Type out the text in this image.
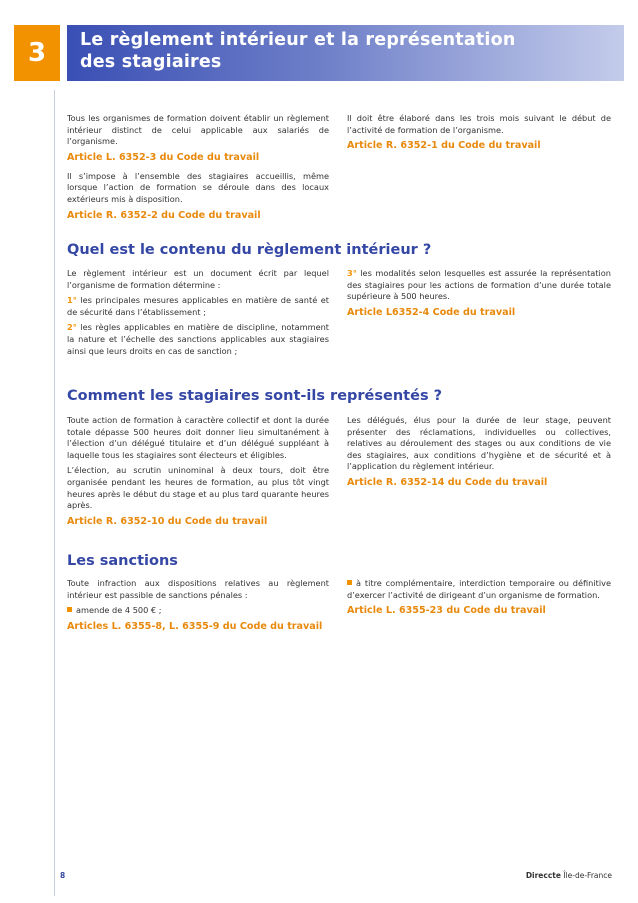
3 Le règlement intérieur et la représentation
des stagiaires

Tous les organismes de formation doivent établir un règlement intérieur distinct de celui applicable aux salariés de l’organisme.

Article L. 6352-3 du Code du travail

Il s’impose à l’ensemble des stagiaires accueillis, même lorsque l’action de formation se déroule dans des locaux extérieurs mis à disposition.

Article R. 6352-2 du Code du travail

Il doit être élaboré dans les trois mois suivant le début de l’activité de formation de l’organisme.

Article R. 6352-1 du Code du travail
Quel est le contenu du règlement intérieur ?

Le règlement intérieur est un document écrit par lequel l’organisme de formation détermine :

1° les principales mesures applicables en matière de santé et de sécurité dans l’établissement ;

2° les règles applicables en matière de discipline, notamment la nature et l’échelle des sanctions applicables aux stagiaires ainsi que leurs droits en cas de sanction ;

3° les modalités selon lesquelles est assurée la représentation des stagiaires pour les actions de formation d’une durée totale supérieure à 500 heures.

Article L6352-4 Code du travail
Comment les stagiaires sont-ils représentés ?

Toute action de formation à caractère collectif et dont la durée totale dépasse 500 heures doit donner lieu simultanément à l’élection d’un délégué titulaire et d’un délégué suppléant à laquelle tous les stagiaires sont électeurs et éligibles.

L’élection, au scrutin uninominal à deux tours, doit être organisée pendant les heures de formation, au plus tôt vingt heures après le début du stage et au plus tard quarante heures après.

Article R. 6352-10 du Code du travail

Les délégués, élus pour la durée de leur stage, peuvent présenter des réclamations, individuelles ou collectives, relatives au déroulement des stages ou aux conditions de vie des stagiaires, aux conditions d’hygiène et de sécurité et à l’application du règlement intérieur.

Article R. 6352-14 du Code du travail
Les sanctions

Toute infraction aux dispositions relatives au règlement intérieur est passible de sanctions pénales :

amende de 4 500 € ;

Articles L. 6355-8, L. 6355-9 du Code du travail

à titre complémentaire, interdiction temporaire ou définitive d’exercer l’activité de dirigeant d’un organisme de formation.

Article L. 6355-23 du Code du travail
8	Direccte Île-de-France
